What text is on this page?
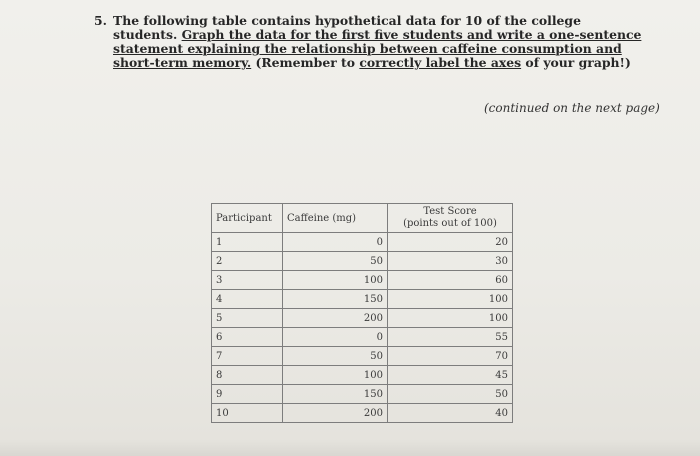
5. The following table contains hypothetical data for 10 of the college students. Graph the data for the first five students and write a one-sentence statement explaining the relationship between caffeine consumption and short-term memory. (Remember to correctly label the axes of your graph!)
(continued on the next page)
Participant	Caffeine (mg)	Test Score
(points out of 100)

1	0	20
2	50	30
3	100	60
4	150	100
5	200	100
6	0	55
7	50	70
8	100	45
9	150	50
10	200	40
